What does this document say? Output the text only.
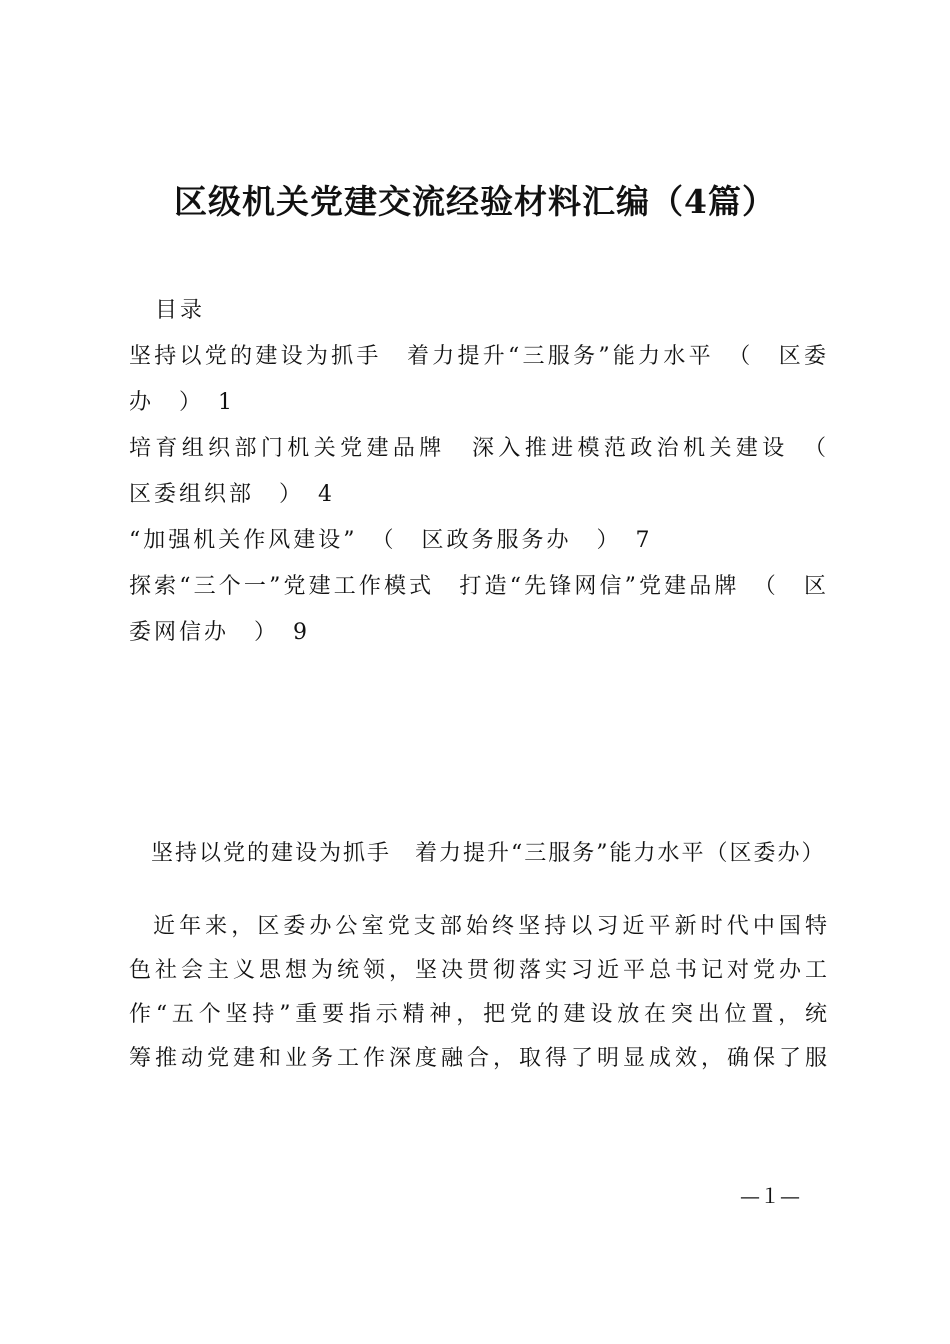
区级机关党建交流经验材料汇编（4篇）
目录
坚持以党的建设为抓手　着力提升“三服务”能力水平　（　区委办　）　1
培育组织部门机关党建品牌　深入推进模范政治机关建设　（　区委组织部　）　4
“加强机关作风建设”　（　区政务服务办　）　7
探索“三个一”党建工作模式　打造“先锋网信”党建品牌　（　区委网信办　）　9
坚持以党的建设为抓手　着力提升“三服务”能力水平（区委办）
近年来，区委办公室党支部始终坚持以习近平新时代中国特色社会主义思想为统领，坚决贯彻落实习近平总书记对党办工作“五个坚持”重要指示精神，把党的建设放在突出位置，统筹推动党建和业务工作深度融合，取得了明显成效，确保了服
—１—
